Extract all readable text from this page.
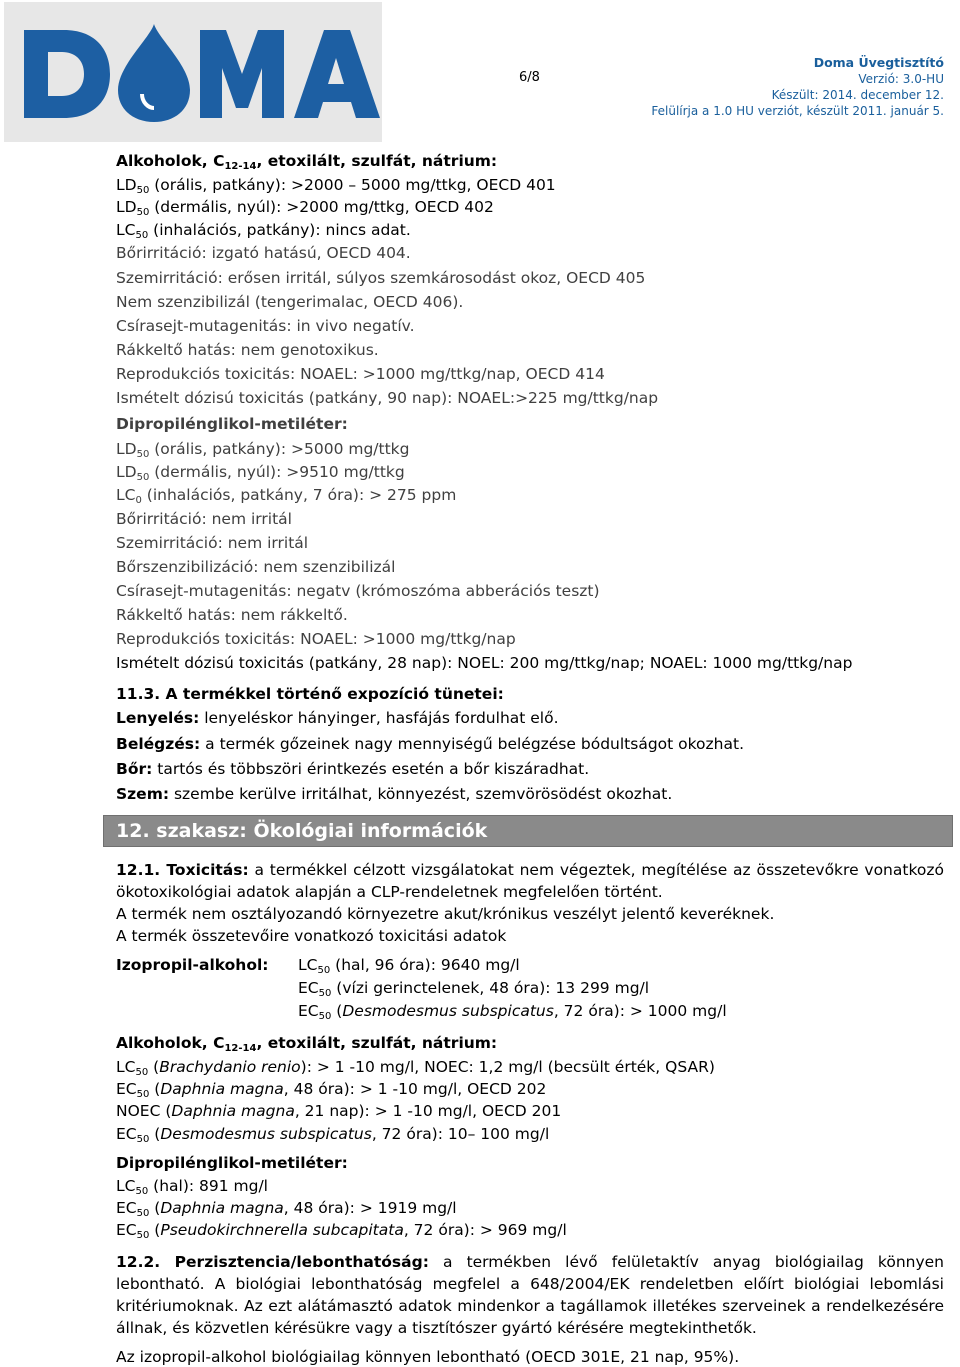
DOMA
6/8
Doma Üvegtisztító
Verzió: 3.0-HU
Készült: 2014. december 12.
Felülírja a 1.0 HU verziót, készült 2011. január 5.
Alkoholok, $C_{12-14}$, etoxilált, szulfát, nátrium:
$LD_{50}$ (orális, patkány): >2000 – 5000 mg/ttkg, OECD 401
$LD_{50}$ (dermális, nyúl): >2000 mg/ttkg, OECD 402
$LC_{50}$ (inhalációs, patkány): nincs adat.
Bőrirritáció: izgató hatású, OECD 404.
Szemirritáció: erősen irritál, súlyos szemkárosodást okoz, OECD 405
Nem szenzibilizál (tengerimalac, OECD 406).
Csírasejt-mutagenitás: in vivo negatív.
Rákkeltő hatás: nem genotoxikus.
Reprodukciós toxicitás: NOAEL: >1000 mg/ttkg/nap, OECD 414
Ismételt dózisú toxicitás (patkány, 90 nap): NOAEL:>225 mg/ttkg/nap
Dipropilénglikol-metiléter:
$LD_{50}$ (orális, patkány): >5000 mg/ttkg
$LD_{50}$ (dermális, nyúl): >9510 mg/ttkg
$LC_0$ (inhalációs, patkány, 7 óra): > 275 ppm
Bőrirritáció: nem irritál
Szemirritáció: nem irritál
Bőrszenzibilizáció: nem szenzibilizál
Csírasejt-mutagenitás: negatv (krómoszóma abberációs teszt)
Rákkeltő hatás: nem rákkeltő.
Reprodukciós toxicitás: NOAEL: >1000 mg/ttkg/nap
Ismételt dózisú toxicitás (patkány, 28 nap): NOEL: 200 mg/ttkg/nap; NOAEL: 1000 mg/ttkg/nap
11.3. A termékkel történő expozíció tünetei:
Lenyelés: lenyeléskor hányinger, hasfájás fordulhat elő.
Belégzés: a termék gőzeinek nagy mennyiségű belégzése bódultságot okozhat.
Bőr: tartós és többszöri érintkezés esetén a bőr kiszáradhat.
Szem: szembe kerülve irritálhat, könnyezést, szemvörösödést okozhat.
12. szakasz: Ökológiai információk
12.1. Toxicitás: a termékkel célzott vizsgálatokat nem végeztek, megítélése az összetevőkre vonatkozó ökotoxikológiai adatok alapján a CLP-rendeletnek megfelelően történt.
A termék nem osztályozandó környezetre akut/krónikus veszélyt jelentő keveréknek.
A termék összetevőire vonatkozó toxicitási adatok
Izopropil-alkohol: $LC_{50}$ (hal, 96 óra): 9640 mg/l
$EC_{50}$ (vízi gerinctelenek, 48 óra): 13 299 mg/l
$EC_{50}$ (Desmodesmus subspicatus, 72 óra): > 1000 mg/l
Alkoholok, $C_{12-14}$, etoxilált, szulfát, nátrium:
$LC_{50}$ (Brachydanio renio): > 1 -10 mg/l, NOEC: 1,2 mg/l (becsült érték, QSAR)
$EC_{50}$ (Daphnia magna, 48 óra): > 1 -10 mg/l, OECD 202
NOEC (Daphnia magna, 21 nap): > 1 -10 mg/l, OECD 201
$EC_{50}$ (Desmodesmus subspicatus, 72 óra): 10– 100 mg/l
Dipropilénglikol-metiléter:
$LC_{50}$ (hal): 891 mg/l
$EC_{50}$ (Daphnia magna, 48 óra): > 1919 mg/l
$EC_{50}$ (Pseudokirchnerella subcapitata, 72 óra): > 969 mg/l
12.2. Perzisztencia/lebonthatóság: a termékben lévő felületaktív anyag biológiailag könnyen lebontható. A biológiai lebonthatóság megfelel a 648/2004/EK rendeletben előírt biológiai lebomlási kritériumoknak. Az ezt alátámasztó adatok mindenkor a tagállamok illetékes szerveinek a rendelkezésére állnak, és közvetlen kérésükre vagy a tisztítószer gyártó kérésére megtekinthetők.
Az izopropil-alkohol biológiailag könnyen lebontható (OECD 301E, 21 nap, 95%).
